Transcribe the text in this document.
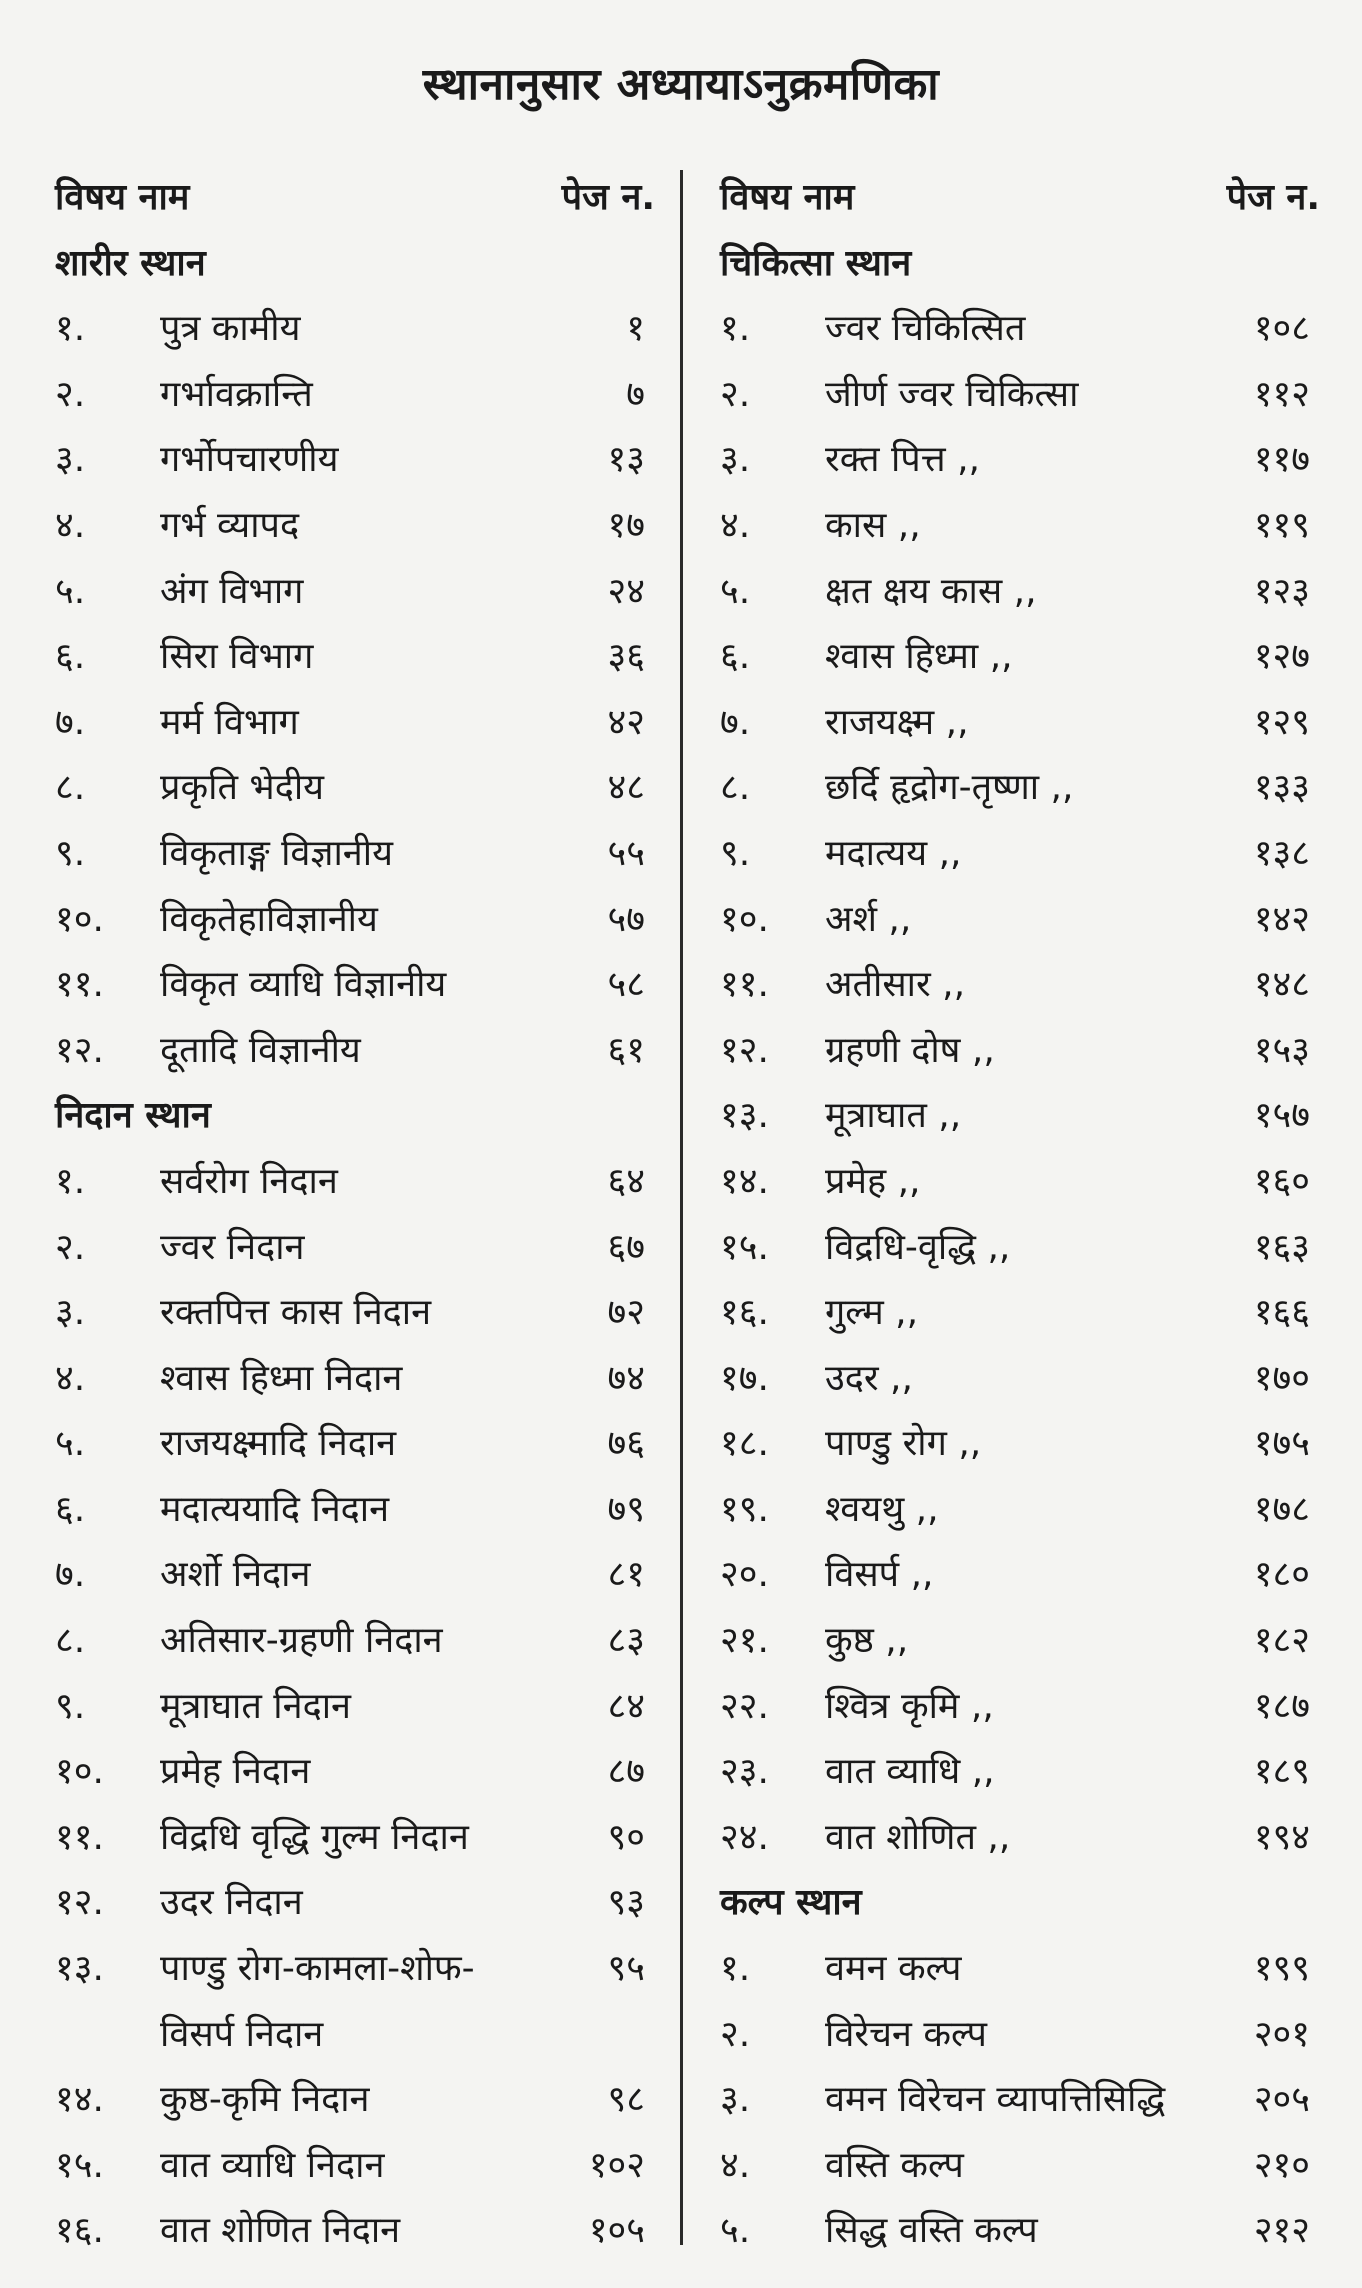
स्थानानुसार अध्यायाऽनुक्रमणिका
विषय नाम	पेज न.
शारीर स्थान
१.	पुत्र कामीय	१
२.	गर्भावक्रान्ति	७
३.	गर्भोपचारणीय	१३
४.	गर्भ व्यापद	१७
५.	अंग विभाग	२४
६.	सिरा विभाग	३६
७.	मर्म विभाग	४२
८.	प्रकृति भेदीय	४८
९.	विकृताङ्ग विज्ञानीय	५५
१०.	विकृतेहाविज्ञानीय	५७
११.	विकृत व्याधि विज्ञानीय	५८
१२.	दूतादि विज्ञानीय	६१
निदान स्थान
१.	सर्वरोग निदान	६४
२.	ज्वर निदान	६७
३.	रक्तपित्त कास निदान	७२
४.	श्वास हिध्मा निदान	७४
५.	राजयक्ष्मादि निदान	७६
६.	मदात्ययादि निदान	७९
७.	अर्शो निदान	८१
८.	अतिसार-ग्रहणी निदान	८३
९.	मूत्राघात निदान	८४
१०.	प्रमेह निदान	८७
११.	विद्रधि वृद्धि गुल्म निदान	९०
१२.	उदर निदान	९३
१३.	पाण्डु रोग-कामला-शोफ-	९५
विसर्प निदान
१४.	कुष्ठ-कृमि निदान	९८
१५.	वात व्याधि निदान	१०२
१६.	वात शोणित निदान	१०५
विषय नाम	पेज न.
चिकित्सा स्थान
१.	ज्वर चिकित्सित	१०८
२.	जीर्ण ज्वर चिकित्सा	११२
३.	रक्त पित्त ,,	११७
४.	कास ,,	११९
५.	क्षत क्षय कास ,,	१२३
६.	श्वास हिध्मा ,,	१२७
७.	राजयक्ष्म ,,	१२९
८.	छर्दि हृद्रोग-तृष्णा ,,	१३३
९.	मदात्यय ,,	१३८
१०.	अर्श ,,	१४२
११.	अतीसार ,,	१४८
१२.	ग्रहणी दोष ,,	१५३
१३.	मूत्राघात ,,	१५७
१४.	प्रमेह ,,	१६०
१५.	विद्रधि-वृद्धि ,,	१६३
१६.	गुल्म ,,	१६६
१७.	उदर ,,	१७०
१८.	पाण्डु रोग ,,	१७५
१९.	श्वयथु ,,	१७८
२०.	विसर्प ,,	१८०
२१.	कुष्ठ ,,	१८२
२२.	श्वित्र कृमि ,,	१८७
२३.	वात व्याधि ,,	१८९
२४.	वात शोणित ,,	१९४
कल्प स्थान
१.	वमन कल्प	१९९
२.	विरेचन कल्प	२०१
३.	वमन विरेचन व्यापत्तिसिद्धि २०५
४.	वस्ति कल्प	२१०
५.	सिद्ध वस्ति कल्प	२१२
